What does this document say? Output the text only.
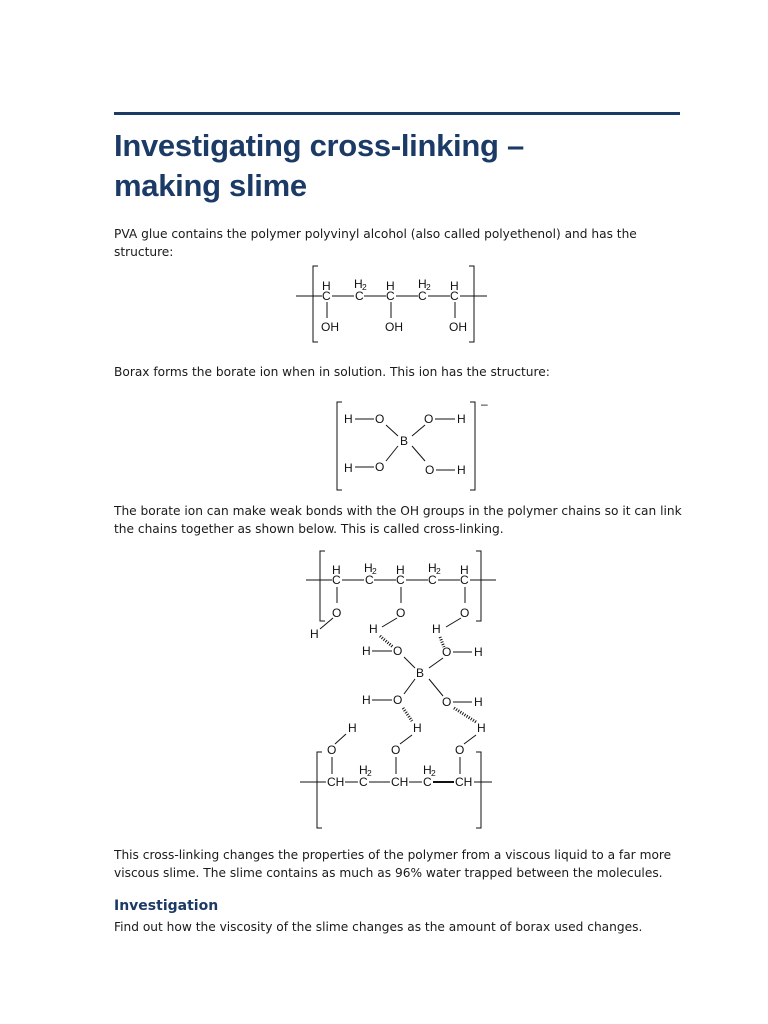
Investigating cross-linking –
making slime

PVA glue contains the polymer polyvinyl alcohol (also called polyethenol) and has the structure:

H
C
H 2
C
H
C
H 2
C
H
C
OH	OH	OH

Borax forms the borate ion when in solution. This ion has the structure:

–
H O	O H
B
H O	O H

The borate ion can make weak bonds with the OH groups in the polymer chains so it can link the chains together as shown below. This is called cross-linking.

H
C
H 2
C
H
C
H 2
C
H
C
O	O	O
H	H	H
H O	O H
B
H O	O H
H	H
H
O	O	O
CH
H 2
C CH
H 2
C CH

This cross-linking changes the properties of the polymer from a viscous liquid to a far more viscous slime. The slime contains as much as 96% water trapped between the molecules.

Investigation

Find out how the viscosity of the slime changes as the amount of borax used changes.
